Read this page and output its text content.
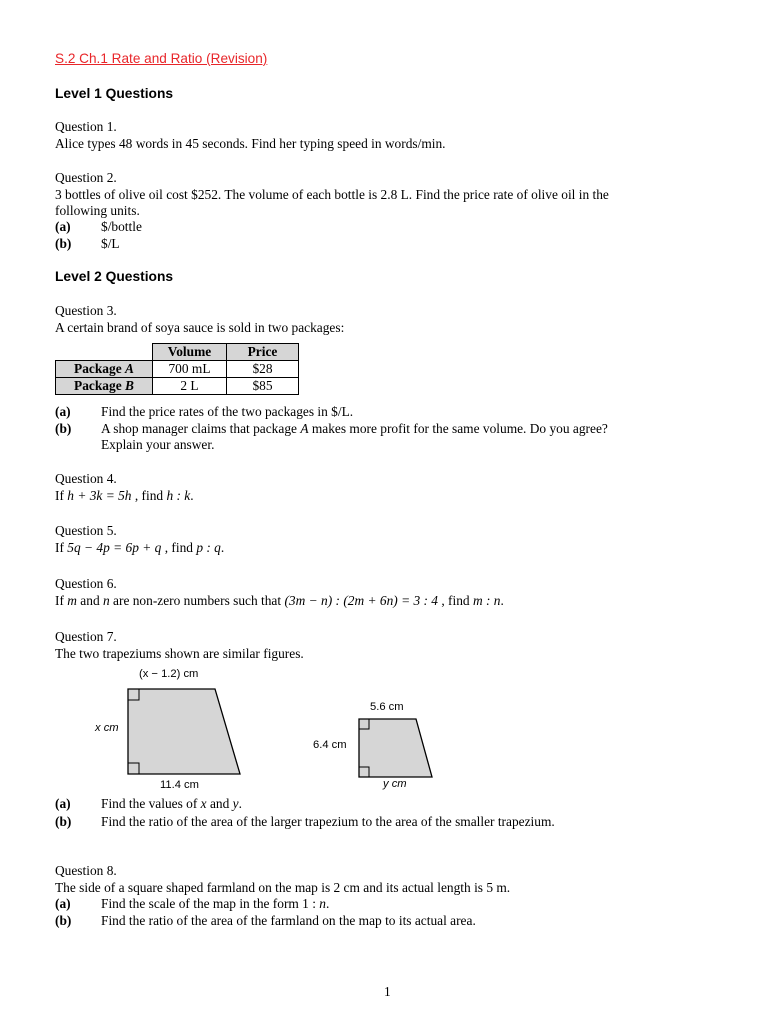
S.2 Ch.1 Rate and Ratio (Revision)
Level 1 Questions
Question 1.
Alice types 48 words in 45 seconds. Find her typing speed in words/min.
Question 2.
3 bottles of olive oil cost $252. The volume of each bottle is 2.8 L. Find the price rate of olive oil in the
following units.
(a) $/bottle
(b) $/L
Level 2 Questions
Question 3.
A certain brand of soya sauce is sold in two packages:
	Volume	Price
Package A	700 mL	$28
Package B	2 L	$85
(a) Find the price rates of the two packages in $/L.
(b) A shop manager claims that package A makes more profit for the same volume. Do you agree?
Explain your answer.
Question 4.
If h + 3k = 5h , find h : k.
Question 5.
If 5q − 4p = 6p + q , find p : q.
Question 6.
If m and n are non-zero numbers such that (3m − n) : (2m + 6n) = 3 : 4 , find m : n.
Question 7.
The two trapeziums shown are similar figures.
(x − 1.2) cm
x cm
11.4 cm
5.6 cm
6.4 cm
y cm
(a) Find the values of x and y.
(b) Find the ratio of the area of the larger trapezium to the area of the smaller trapezium.
Question 8.
The side of a square shaped farmland on the map is 2 cm and its actual length is 5 m.
(a) Find the scale of the map in the form 1 : n.
(b) Find the ratio of the area of the farmland on the map to its actual area.
1
